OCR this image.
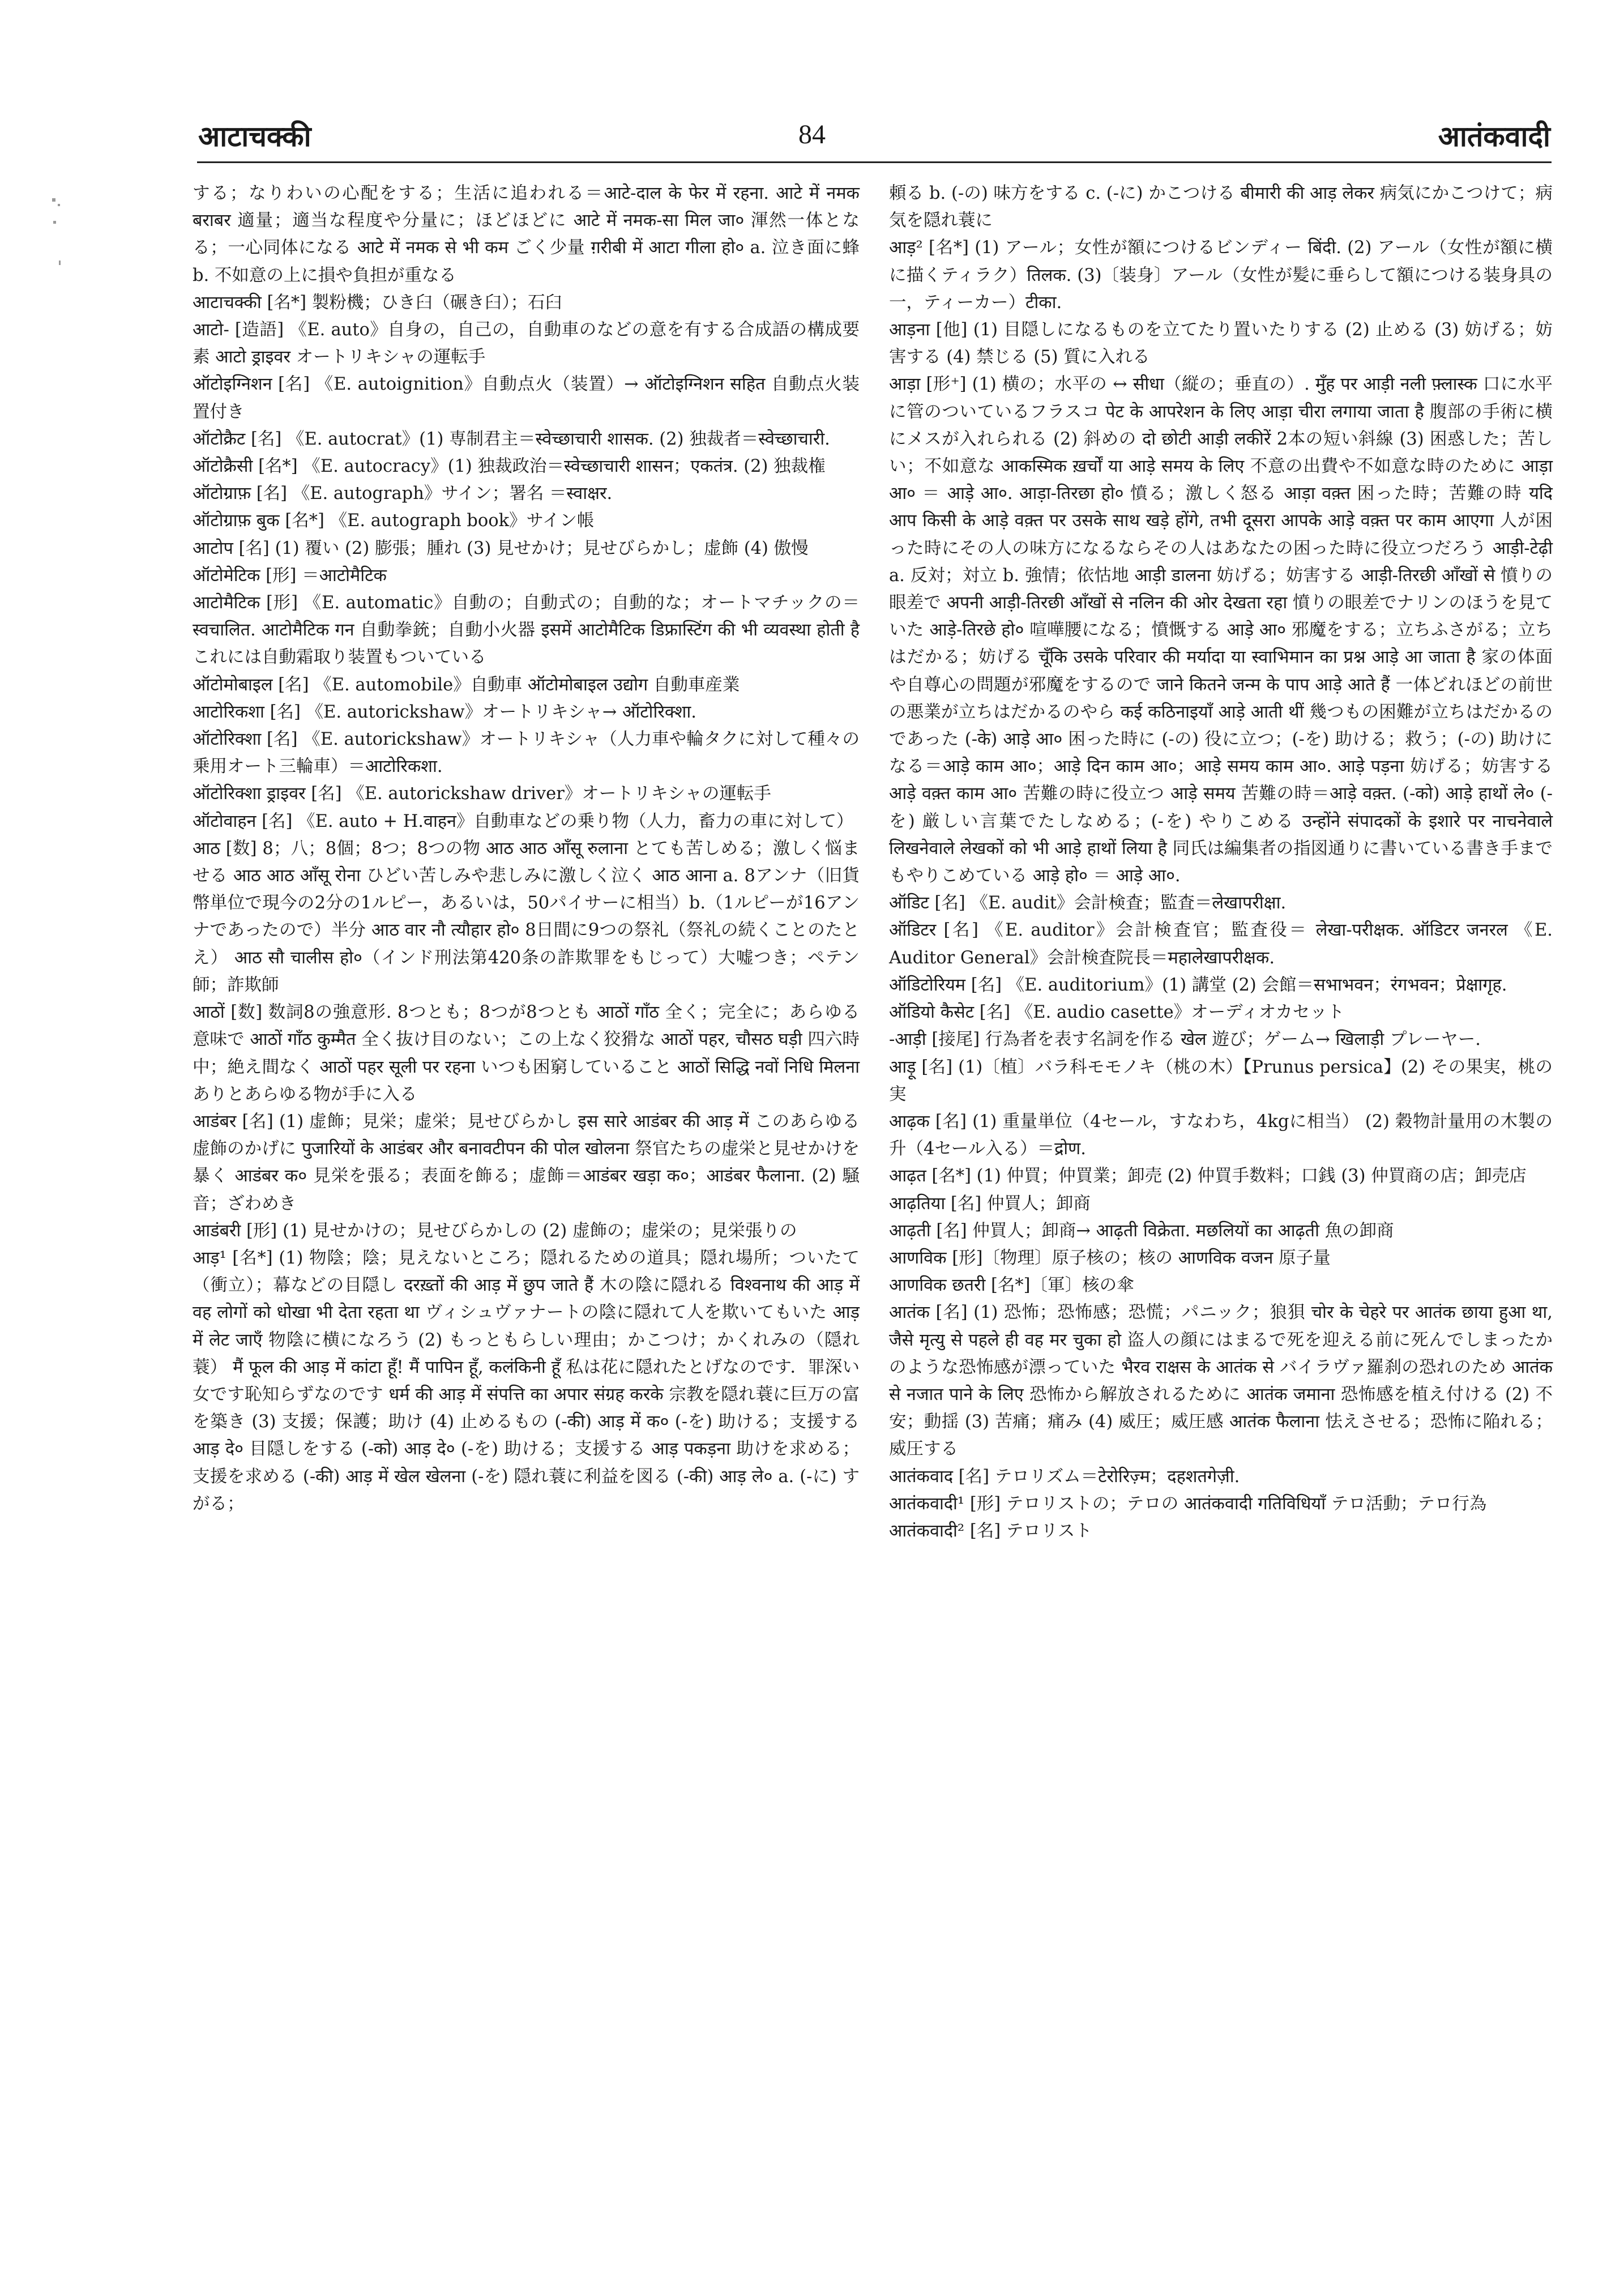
आटाचक्की	84	आतंकवादी

する；なりわいの心配をする；生活に追われる＝आटे-दाल के फेर में रहना. आटे में नमक बराबर 適量；適当な程度や分量に；ほどほどに आटे में नमक-सा मिल जा० 渾然一体となる；一心同体になる आटे में नमक से भी कम ごく少量 ग़रीबी में आटा गीला हो० a. 泣き面に蜂 b. 不如意の上に損や負担が重なる

आटाचक्की [名*] 製粉機；ひき臼（碾き臼）；石臼

आटो- [造語] 《E. auto》自身の，自己の，自動車のなどの意を有する合成語の構成要素 आटो ड्राइवर オートリキシャの運転手

ऑटोइग्निशन [名] 《E. autoignition》自動点火（装置）→ ऑटोइग्निशन सहित 自動点火装置付き

ऑटोक्रैट [名] 《E. autocrat》(1) 専制君主＝स्वेच्छाचारी शासक. (2) 独裁者＝स्वेच्छाचारी.

ऑटोक्रैसी [名*] 《E. autocracy》(1) 独裁政治＝स्वेच्छाचारी शासन；एकतंत्र. (2) 独裁権

ऑटोग्राफ़ [名] 《E. autograph》サイン；署名 ＝स्वाक्षर.

ऑटोग्राफ़ बुक [名*] 《E. autograph book》サイン帳

आटोप [名] (1) 覆い (2) 膨張；腫れ (3) 見せかけ；見せびらかし；虚飾 (4) 傲慢

ऑटोमेटिक [形] ＝आटोमैटिक

आटोमैटिक [形] 《E. automatic》自動の；自動式の；自動的な；オートマチックの＝स्वचालित. आटोमैटिक गन 自動拳銃；自動小火器 इसमें आटोमैटिक डिफ्रास्टिंग की भी व्यवस्था होती है これには自動霜取り装置もついている

ऑटोमोबाइल [名] 《E. automobile》自動車 ऑटोमोबाइल उद्योग 自動車産業

आटोरिकशा [名] 《E. autorickshaw》オートリキシャ→ ऑटोरिक्शा.

ऑटोरिक्शा [名] 《E. autorickshaw》オートリキシャ（人力車や輪タクに対して種々の乗用オート三輪車）＝आटोरिकशा.

ऑटोरिक्शा ड्राइवर [名] 《E. autorickshaw driver》オートリキシャの運転手

ऑटोवाहन [名] 《E. auto + H.वाहन》自動車などの乗り物（人力，畜力の車に対して）

आठ [数] 8；八；8個；8つ；8つの物 आठ आठ आँसू रुलाना とても苦しめる；激しく悩ませる आठ आठ आँसू रोना ひどい苦しみや悲しみに激しく泣く आठ आना a. 8アンナ（旧貨幣単位で現今の2分の1ルピー，あるいは，50パイサーに相当）b.（1ルピーが16アンナであったので）半分 आठ वार नौ त्यौहार हो० 8日間に9つの祭礼（祭礼の続くことのたとえ） आठ सौ चालीस हो०（インド刑法第420条の詐欺罪をもじって）大嘘つき；ペテン師；詐欺師

आठों [数] 数詞8の強意形. 8つとも；8つが8つとも आठों गाँठ 全く；完全に；あらゆる意味で आठों गाँठ कुम्मैत 全く抜け目のない；この上なく狡猾な आठों पहर, चौसठ घड़ी 四六時中；絶え間なく आठों पहर सूली पर रहना いつも困窮していること आठों सिद्धि नवों निधि मिलना ありとあらゆる物が手に入る

आडंबर [名] (1) 虚飾；見栄；虚栄；見せびらかし इस सारे आडंबर की आड़ में このあらゆる虚飾のかげに पुजारियों के आडंबर और बनावटीपन की पोल खोलना 祭官たちの虚栄と見せかけを暴く आडंबर क० 見栄を張る；表面を飾る；虚飾＝आडंबर खड़ा क०；आडंबर फैलाना. (2) 騒音；ざわめき

आडंबरी [形] (1) 見せかけの；見せびらかしの (2) 虚飾の；虚栄の；見栄張りの

आड़¹ [名*] (1) 物陰；陰；見えないところ；隠れるための道具；隠れ場所；ついたて（衝立）；幕などの目隠し दरख़्तों की आड़ में छुप जाते हैं 木の陰に隠れる विश्वनाथ की आड़ में वह लोगों को धोखा भी देता रहता था ヴィシュヴァナートの陰に隠れて人を欺いてもいた आड़ में लेट जाएँ 物陰に横になろう (2) もっともらしい理由；かこつけ；かくれみの（隠れ蓑） मैं फूल की आड़ में कांटा हूँ! मैं पापिन हूँ, कलंकिनी हूँ 私は花に隠れたとげなのです．罪深い女です恥知らずなのです धर्म की आड़ में संपत्ति का अपार संग्रह करके 宗教を隠れ蓑に巨万の富を築き (3) 支援；保護；助け (4) 止めるもの (-की) आड़ में क० (-を) 助ける；支援する आड़ दे० 目隠しをする (-को) आड़ दे० (-を) 助ける；支援する आड़ पकड़ना 助けを求める；支援を求める (-की) आड़ में खेल खेलना (-を) 隠れ蓑に利益を図る (-की) आड़ ले० a. (-に) すがる；

頼る b. (-の) 味方をする c. (-に) かこつける बीमारी की आड़ लेकर 病気にかこつけて；病気を隠れ蓑に

आड़² [名*] (1) アール；女性が額につけるビンディー बिंदी. (2) アール（女性が額に横に描くティラク）तिलक. (3)〔装身〕アール（女性が髪に垂らして額につける装身具の一，ティーカー）टीका.

आड़ना [他] (1) 目隠しになるものを立てたり置いたりする (2) 止める (3) 妨げる；妨害する (4) 禁じる (5) 質に入れる

आड़ा [形⁺] (1) 横の；水平の ↔ सीधा（縦の；垂直の）. मुँह पर आड़ी नली फ़्लास्क 口に水平に管のついているフラスコ पेट के आपरेशन के लिए आड़ा चीरा लगाया जाता है 腹部の手術に横にメスが入れられる (2) 斜めの दो छोटी आड़ी लकीरें 2本の短い斜線 (3) 困惑した；苦しい；不如意な आकस्मिक ख़र्चों या आड़े समय के लिए 不意の出費や不如意な時のために आड़ा आ० ＝ आड़े आ०. आड़ा-तिरछा हो० 憤る；激しく怒る आड़ा वक़्त 困った時；苦難の時 यदि आप किसी के आड़े वक़्त पर उसके साथ खड़े होंगे, तभी दूसरा आपके आड़े वक़्त पर काम आएगा 人が困った時にその人の味方になるならその人はあなたの困った時に役立つだろう आड़ी-टेढ़ी a. 反対；対立 b. 強情；依怙地 आड़ी डालना 妨げる；妨害する आड़ी-तिरछी आँखों से 憤りの眼差で अपनी आड़ी-तिरछी आँखों से नलिन की ओर देखता रहा 憤りの眼差でナリンのほうを見ていた आड़े-तिरछे हो० 喧嘩腰になる；憤慨する आड़े आ० 邪魔をする；立ちふさがる；立ちはだかる；妨げる चूँकि उसके परिवार की मर्यादा या स्वाभिमान का प्रश्न आड़े आ जाता है 家の体面や自尊心の問題が邪魔をするので जाने कितने जन्म के पाप आड़े आते हैं 一体どれほどの前世の悪業が立ちはだかるのやら कई कठिनाइयाँ आड़े आती थीं 幾つもの困難が立ちはだかるのであった (-के) आड़े आ० 困った時に (-の) 役に立つ；(-を) 助ける；救う；(-の) 助けになる＝आड़े काम आ०；आड़े दिन काम आ०；आड़े समय काम आ०. आड़े पड़ना 妨げる；妨害する आड़े वक़्त काम आ० 苦難の時に役立つ आड़े समय 苦難の時＝आड़े वक़्त. (-को) आड़े हाथों ले० (-を) 厳しい言葉でたしなめる；(-を) やりこめる उन्होंने संपादकों के इशारे पर नाचनेवाले लिखनेवाले लेखकों को भी आड़े हाथों लिया है 同氏は編集者の指図通りに書いている書き手までもやりこめている आड़े हो० ＝ आड़े आ०.

ऑडिट [名] 《E. audit》会計検査；監査＝लेखापरीक्षा.

ऑडिटर [名] 《E. auditor》会計検査官；監査役＝ लेखा-परीक्षक. ऑडिटर जनरल 《E. Auditor General》会計検査院長＝महालेखापरीक्षक.

ऑडिटोरियम [名] 《E. auditorium》(1) 講堂 (2) 会館＝सभाभवन；रंगभवन；प्रेक्षागृह.

ऑडियो कैसेट [名] 《E. audio casette》オーディオカセット

-आड़ी [接尾] 行為者を表す名詞を作る खेल 遊び；ゲーム→ खिलाड़ी プレーヤー.

आड़ू [名] (1)〔植〕バラ科モモノキ（桃の木）【Prunus persica】(2) その果実，桃の実

आढ़क [名] (1) 重量単位（4セール，すなわち，4kgに相当） (2) 穀物計量用の木製の升（4セール入る）＝द्रोण.

आढ़त [名*] (1) 仲買；仲買業；卸売 (2) 仲買手数料；口銭 (3) 仲買商の店；卸売店

आढ़तिया [名] 仲買人；卸商

आढ़ती [名] 仲買人；卸商→ आढ़ती विक्रेता. मछलियों का आढ़ती 魚の卸商

आणविक [形]〔物理〕原子核の；核の आणविक वजन 原子量

आणविक छतरी [名*]〔軍〕核の傘

आतंक [名] (1) 恐怖；恐怖感；恐慌；パニック；狼狽 चोर के चेहरे पर आतंक छाया हुआ था, जैसे मृत्यु से पहले ही वह मर चुका हो 盗人の顔にはまるで死を迎える前に死んでしまったかのような恐怖感が漂っていた भैरव राक्षस के आतंक से バイラヴァ羅刹の恐れのため आतंक से नजात पाने के लिए 恐怖から解放されるために आतंक जमाना 恐怖感を植え付ける (2) 不安；動揺 (3) 苦痛；痛み (4) 威圧；威圧感 आतंक फैलाना 怯えさせる；恐怖に陥れる；威圧する

आतंकवाद [名] テロリズム＝टेरोरिज़्म；दहशतगेज़ी.

आतंकवादी¹ [形] テロリストの；テロの आतंकवादी गतिविधियाँ テロ活動；テロ行為

आतंकवादी² [名] テロリスト
